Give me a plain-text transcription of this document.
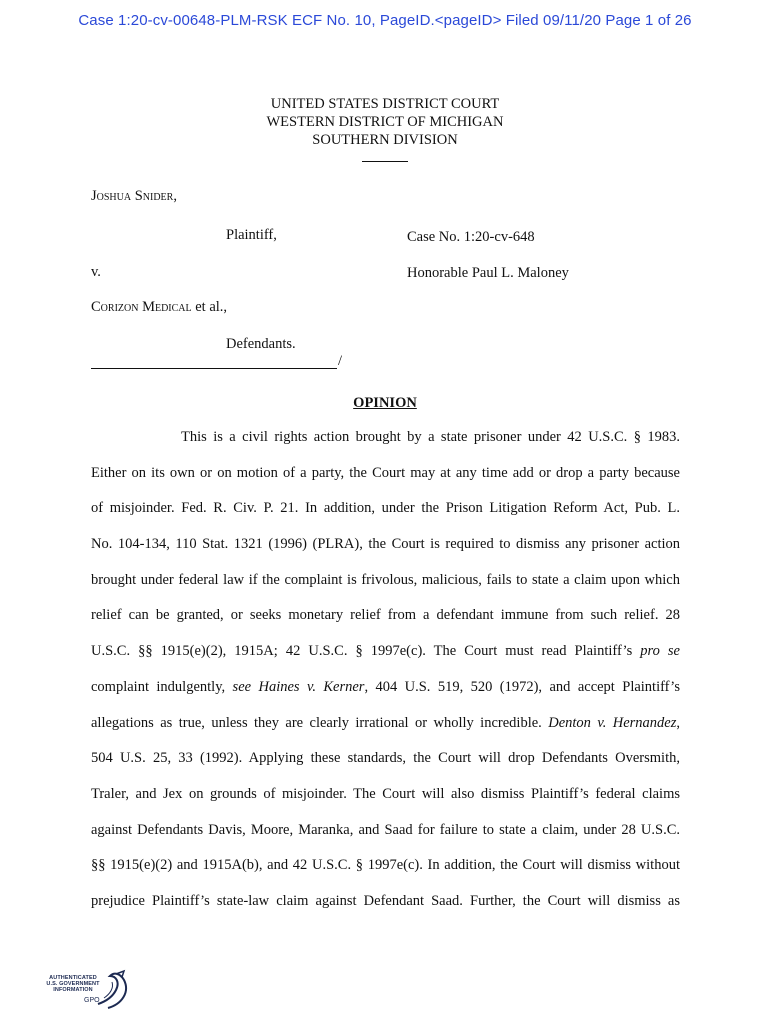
Case 1:20-cv-00648-PLM-RSK ECF No. 10, PageID.<pageID> Filed 09/11/20 Page 1 of 26
UNITED STATES DISTRICT COURT
WESTERN DISTRICT OF MICHIGAN
SOUTHERN DIVISION
Joshua Snider,
Plaintiff,	Case No. 1:20-cv-648
v.	Honorable Paul L. Maloney
Corizon Medical et al.,
Defendants.
/
OPINION
This is a civil rights action brought by a state prisoner under 42 U.S.C. § 1983.
Either on its own or on motion of a party, the Court may at any time add or drop a party because
of misjoinder. Fed. R. Civ. P. 21. In addition, under the Prison Litigation Reform Act, Pub. L.
No. 104-134, 110 Stat. 1321 (1996) (PLRA), the Court is required to dismiss any prisoner action
brought under federal law if the complaint is frivolous, malicious, fails to state a claim upon which
relief can be granted, or seeks monetary relief from a defendant immune from such relief. 28
U.S.C. §§ 1915(e)(2), 1915A; 42 U.S.C. § 1997e(c). The Court must read Plaintiff’s pro se
complaint indulgently, see Haines v. Kerner, 404 U.S. 519, 520 (1972), and accept Plaintiff’s
allegations as true, unless they are clearly irrational or wholly incredible. Denton v. Hernandez,
504 U.S. 25, 33 (1992). Applying these standards, the Court will drop Defendants Oversmith,
Traler, and Jex on grounds of misjoinder. The Court will also dismiss Plaintiff’s federal claims
against Defendants Davis, Moore, Maranka, and Saad for failure to state a claim, under 28 U.S.C.
§§ 1915(e)(2) and 1915A(b), and 42 U.S.C. § 1997e(c). In addition, the Court will dismiss without
prejudice Plaintiff’s state-law claim against Defendant Saad. Further, the Court will dismiss as
AUTHENTICATED
U.S. GOVERNMENT
INFORMATION
GPO
